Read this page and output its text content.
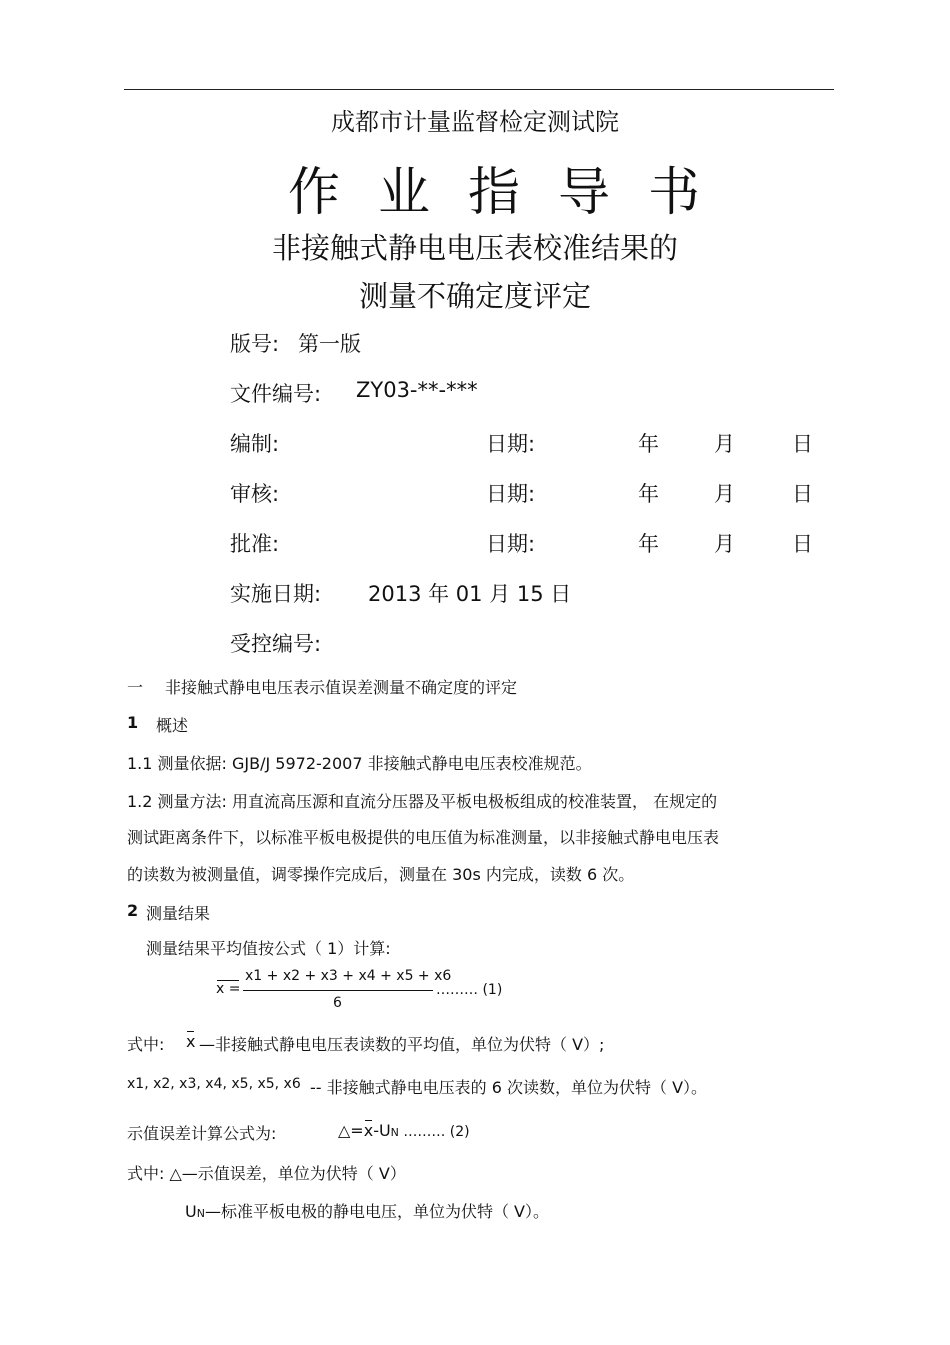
成都市计量监督检定测试院
作业指导书
非接触式静电电压表校准结果的
测量不确定度评定
版号: 第一版
文件编号: ZY03-**-***
编制:	日期:	年	月	日
审核:	日期:	年	月	日
批准:	日期:	年	月	日
实施日期: 2013 年 01 月 15 日
受控编号:
一 非接触式静电电压表示值误差测量不确定度的评定
1 概述
1.1 测量依据: GJB/J 5972-2007 非接触式静电电压表校准规范。
1.2 测量方法: 用直流高压源和直流分压器及平板电极板组成的校准装置， 在规定的
测试距离条件下，以标准平板电极提供的电压值为标准测量，以非接触式静电电压表
的读数为被测量值，调零操作完成后，测量在 30s 内完成，读数 6 次。
2 测量结果
测量结果平均值按公式（ 1）计算:
x =
x1 + x2 + x3 + x4 + x5 + x6
6
……… (1)
式中: x —非接触式静电电压表读数的平均值，单位为伏特（ V）;
x1, x2, x3, x4, x5, x5, x6 -- 非接触式静电电压表的 6 次读数，单位为伏特（ V）。
示值误差计算公式为:	△=x-UN ……… (2)
式中: △—示值误差，单位为伏特（ V）
UN—标准平板电极的静电电压，单位为伏特（ V）。
